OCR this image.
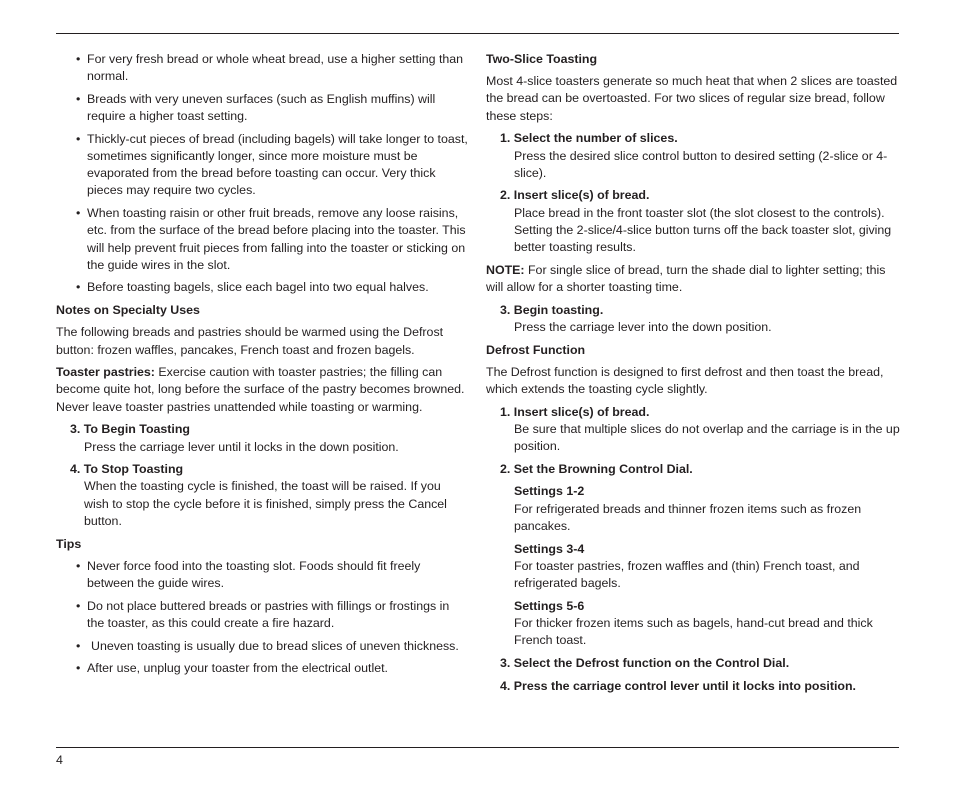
• For very fresh bread or whole wheat bread, use a higher setting than normal.
• Breads with very uneven surfaces (such as English muffins) will require a higher toast setting.
• Thickly-cut pieces of bread (including bagels) will take longer to toast, sometimes significantly longer, since more moisture must be evaporated from the bread before toasting can occur. Very thick pieces may require two cycles.
• When toasting raisin or other fruit breads, remove any loose raisins, etc. from the surface of the bread before placing into the toaster. This will help prevent fruit pieces from falling into the toaster or sticking on the guide wires in the slot.
• Before toasting bagels, slice each bagel into two equal halves.
Notes on Specialty Uses

The following breads and pastries should be warmed using the Defrost button: frozen waffles, pancakes, French toast and frozen bagels.

Toaster pastries: Exercise caution with toaster pastries; the filling can become quite hot, long before the surface of the pastry becomes browned. Never leave toaster pastries unattended while toasting or warming.

3. To Begin Toasting
Press the carriage lever until it locks in the down position.
4. To Stop Toasting
When the toasting cycle is finished, the toast will be raised. If you wish to stop the cycle before it is finished, simply press the Cancel button.
Tips
• Never force food into the toasting slot. Foods should fit freely between the guide wires.
• Do not place buttered breads or pastries with fillings or frostings in the toaster, as this could create a fire hazard.
• Uneven toasting is usually due to bread slices of uneven thickness.
• After use, unplug your toaster from the electrical outlet.
Two-Slice Toasting

Most 4-slice toasters generate so much heat that when 2 slices are toasted the bread can be overtoasted. For two slices of regular size bread, follow these steps:

1. Select the number of slices.
Press the desired slice control button to desired setting (2-slice or 4-slice).
2. Insert slice(s) of bread.
Place bread in the front toaster slot (the slot closest to the controls). Setting the 2-slice/4-slice button turns off the back toaster slot, giving better toasting results.

NOTE: For single slice of bread, turn the shade dial to lighter setting; this will allow for a shorter toasting time.

3. Begin toasting.
Press the carriage lever into the down position.
Defrost Function

The Defrost function is designed to first defrost and then toast the bread, which extends the toasting cycle slightly.

1. Insert slice(s) of bread.
Be sure that multiple slices do not overlap and the carriage is in the up position.
2. Set the Browning Control Dial.
Settings 1-2
For refrigerated breads and thinner frozen items such as frozen pancakes.
Settings 3-4
For toaster pastries, frozen waffles and (thin) French toast, and refrigerated bagels.
Settings 5-6
For thicker frozen items such as bagels, hand-cut bread and thick French toast.
3. Select the Defrost function on the Control Dial.
4. Press the carriage control lever until it locks into position.
4
